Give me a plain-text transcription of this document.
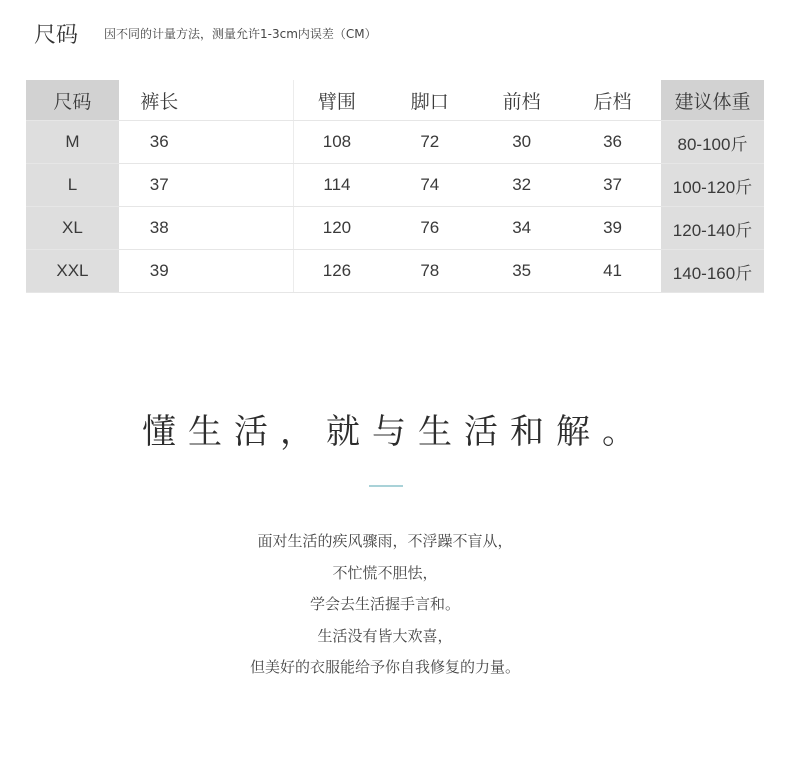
尺码 因不同的计量方法，测量允许1-3cm内误差（CM）
尺码	裤长		臂围	脚口	前档	后档	建议体重
M	36		108	72	30	36	80-100斤
L	37		114	74	32	37	100-120斤
XL	38		120	76	34	39	120-140斤
XXL	39		126	78	35	41	140-160斤
懂生活，就与生活和解。
面对生活的疾风骤雨，不浮躁不盲从，
不忙慌不胆怯，
学会去生活握手言和。
生活没有皆大欢喜，
但美好的衣服能给予你自我修复的力量。
